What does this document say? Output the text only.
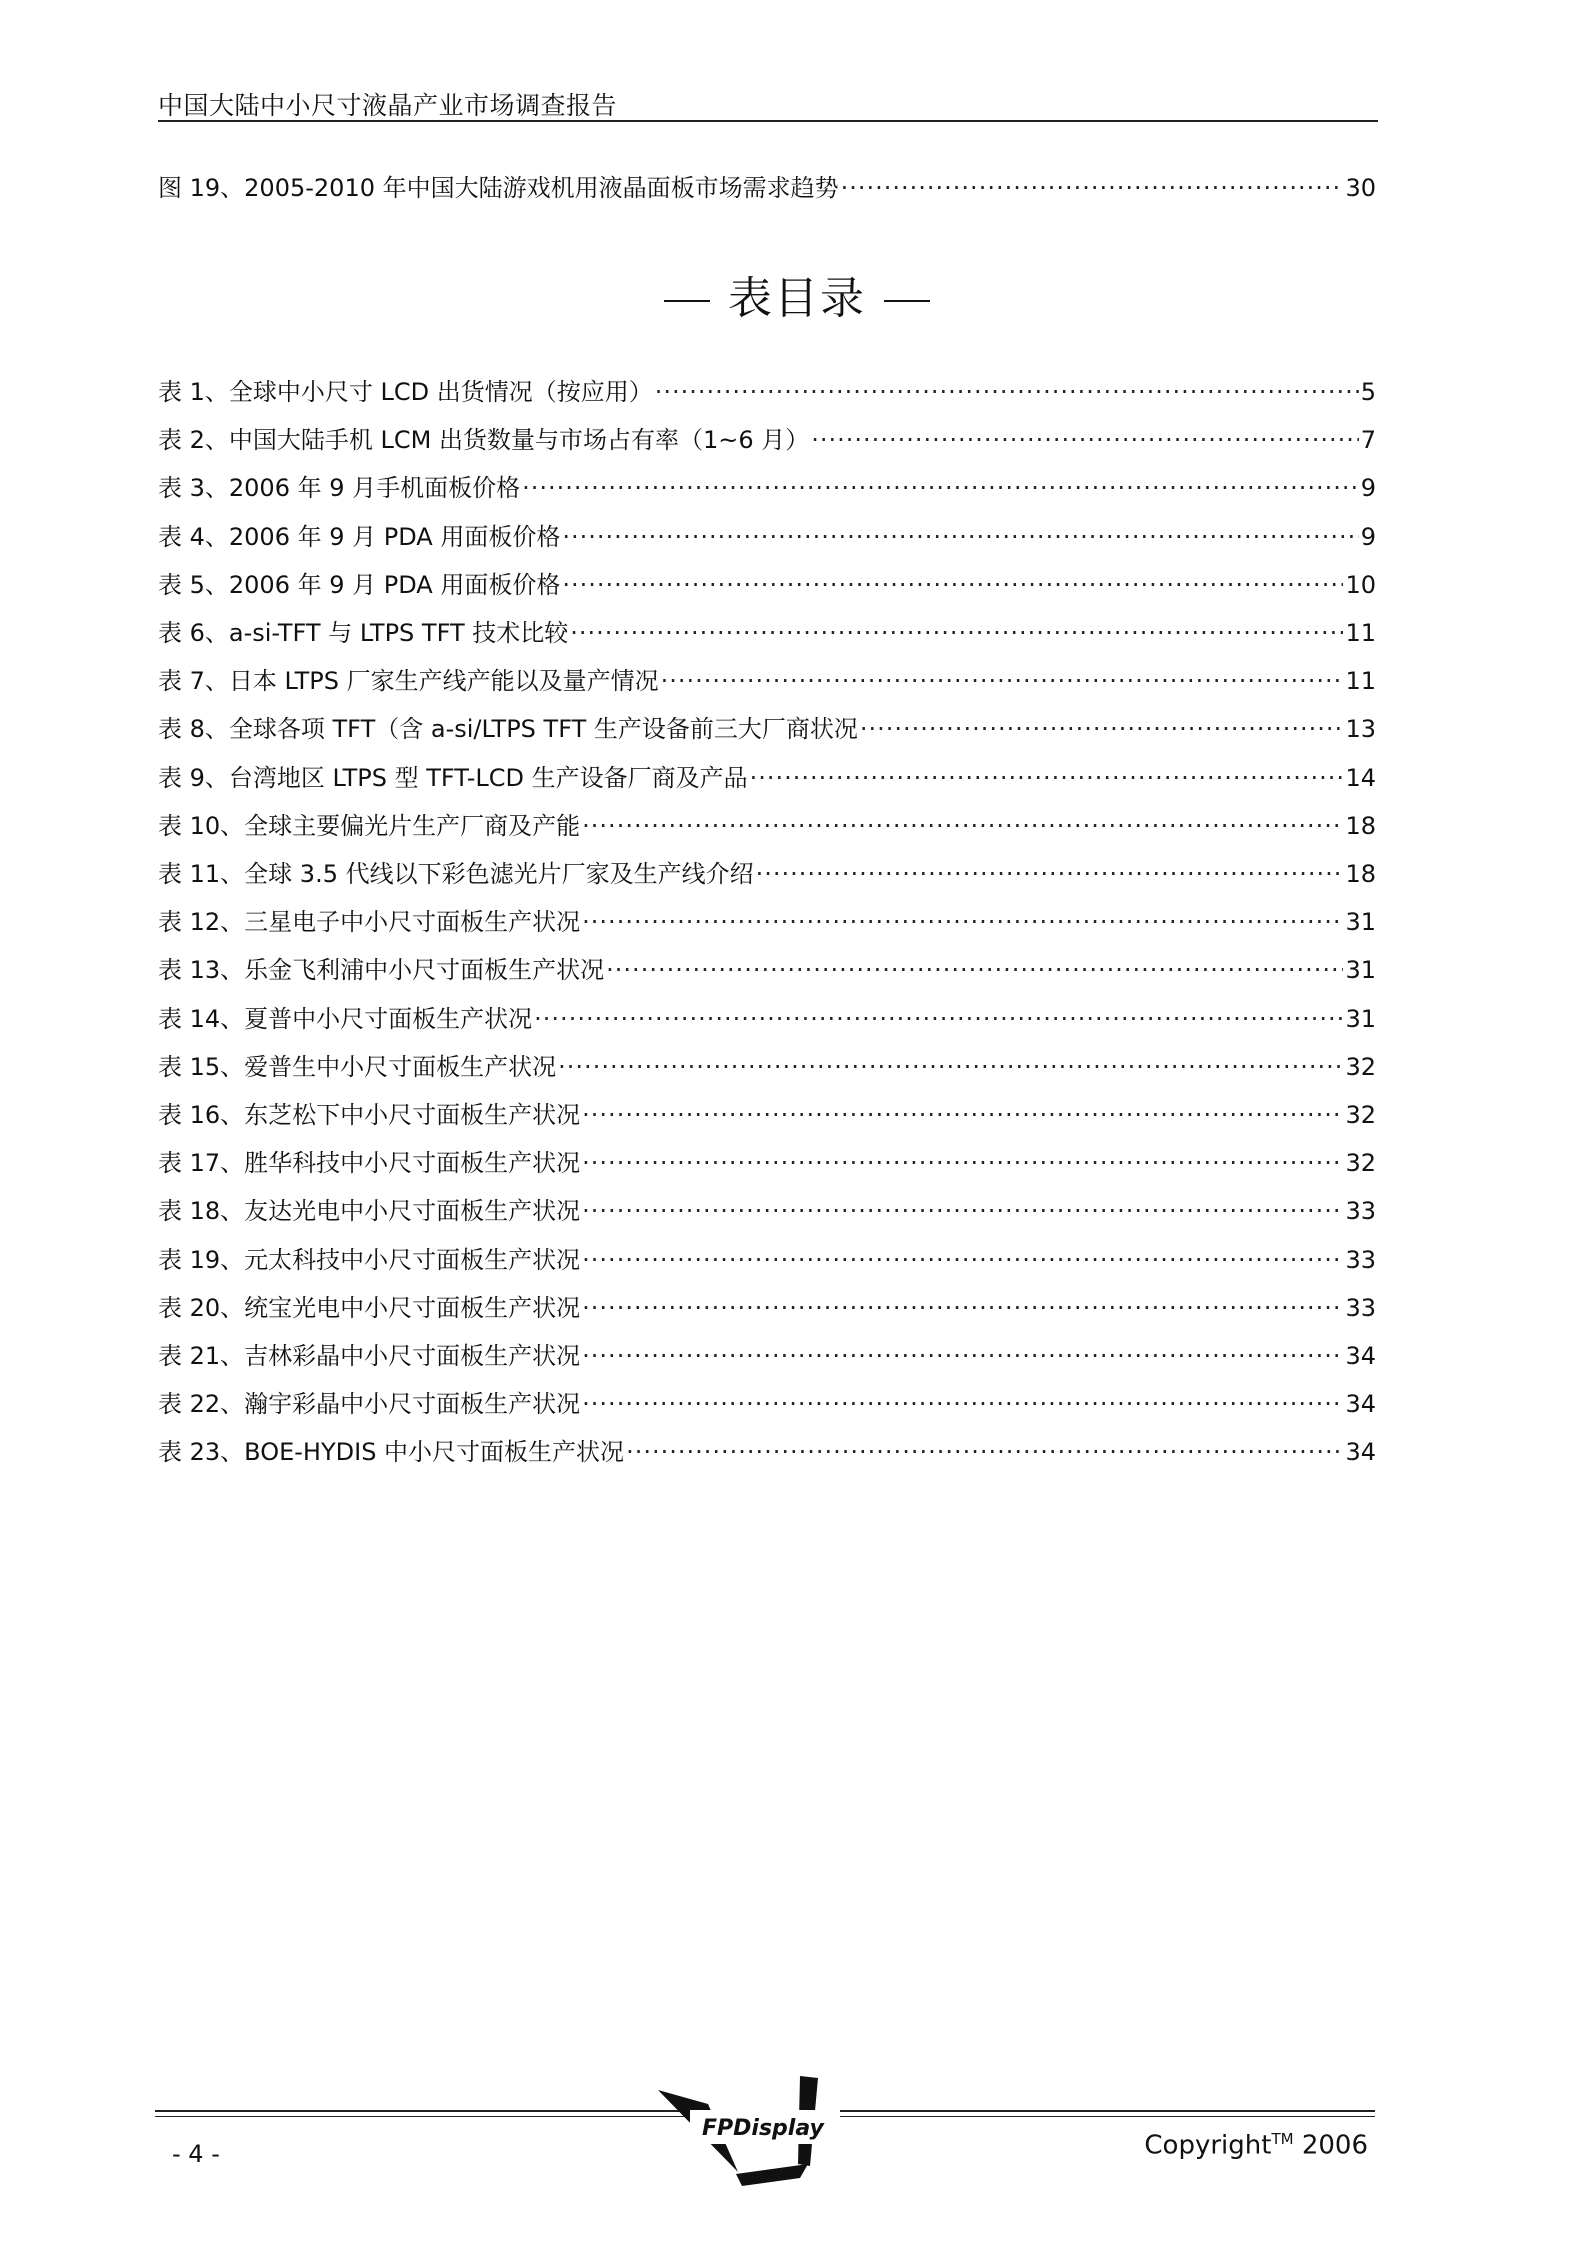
中国大陆中小尺寸液晶产业市场调查报告
图 19、2005-2010 年中国大陆游戏机用液晶面板市场需求趋势 ·····	30
表目录
表 1、全球中小尺寸 LCD 出货情况（按应用） ·····	5
表 2、中国大陆手机 LCM 出货数量与市场占有率（1~6 月） ·····	7
表 3、2006 年 9 月手机面板价格 ·····	9
表 4、2006 年 9 月 PDA 用面板价格 ·····	9
表 5、2006 年 9 月 PDA 用面板价格 ·····	10
表 6、a-si-TFT 与 LTPS TFT 技术比较 ·····	11
表 7、日本 LTPS 厂家生产线产能以及量产情况 ·····	11
表 8、全球各项 TFT（含 a-si/LTPS TFT 生产设备前三大厂商状况 ·····	13
表 9、台湾地区 LTPS 型 TFT-LCD 生产设备厂商及产品 ·····	14
表 10、全球主要偏光片生产厂商及产能 ·····	18
表 11、全球 3.5 代线以下彩色滤光片厂家及生产线介绍 ·····	18
表 12、三星电子中小尺寸面板生产状况 ·····	31
表 13、乐金飞利浦中小尺寸面板生产状况 ·····	31
表 14、夏普中小尺寸面板生产状况 ·····	31
表 15、爱普生中小尺寸面板生产状况 ·····	32
表 16、东芝松下中小尺寸面板生产状况 ·····	32
表 17、胜华科技中小尺寸面板生产状况 ·····	32
表 18、友达光电中小尺寸面板生产状况 ·····	33
表 19、元太科技中小尺寸面板生产状况 ·····	33
表 20、统宝光电中小尺寸面板生产状况 ·····	33
表 21、吉林彩晶中小尺寸面板生产状况 ·····	34
表 22、瀚宇彩晶中小尺寸面板生产状况 ·····	34
表 23、BOE-HYDIS 中小尺寸面板生产状况 ·····	34
- 4 -
FPDisplay
Copyright™ 2006
